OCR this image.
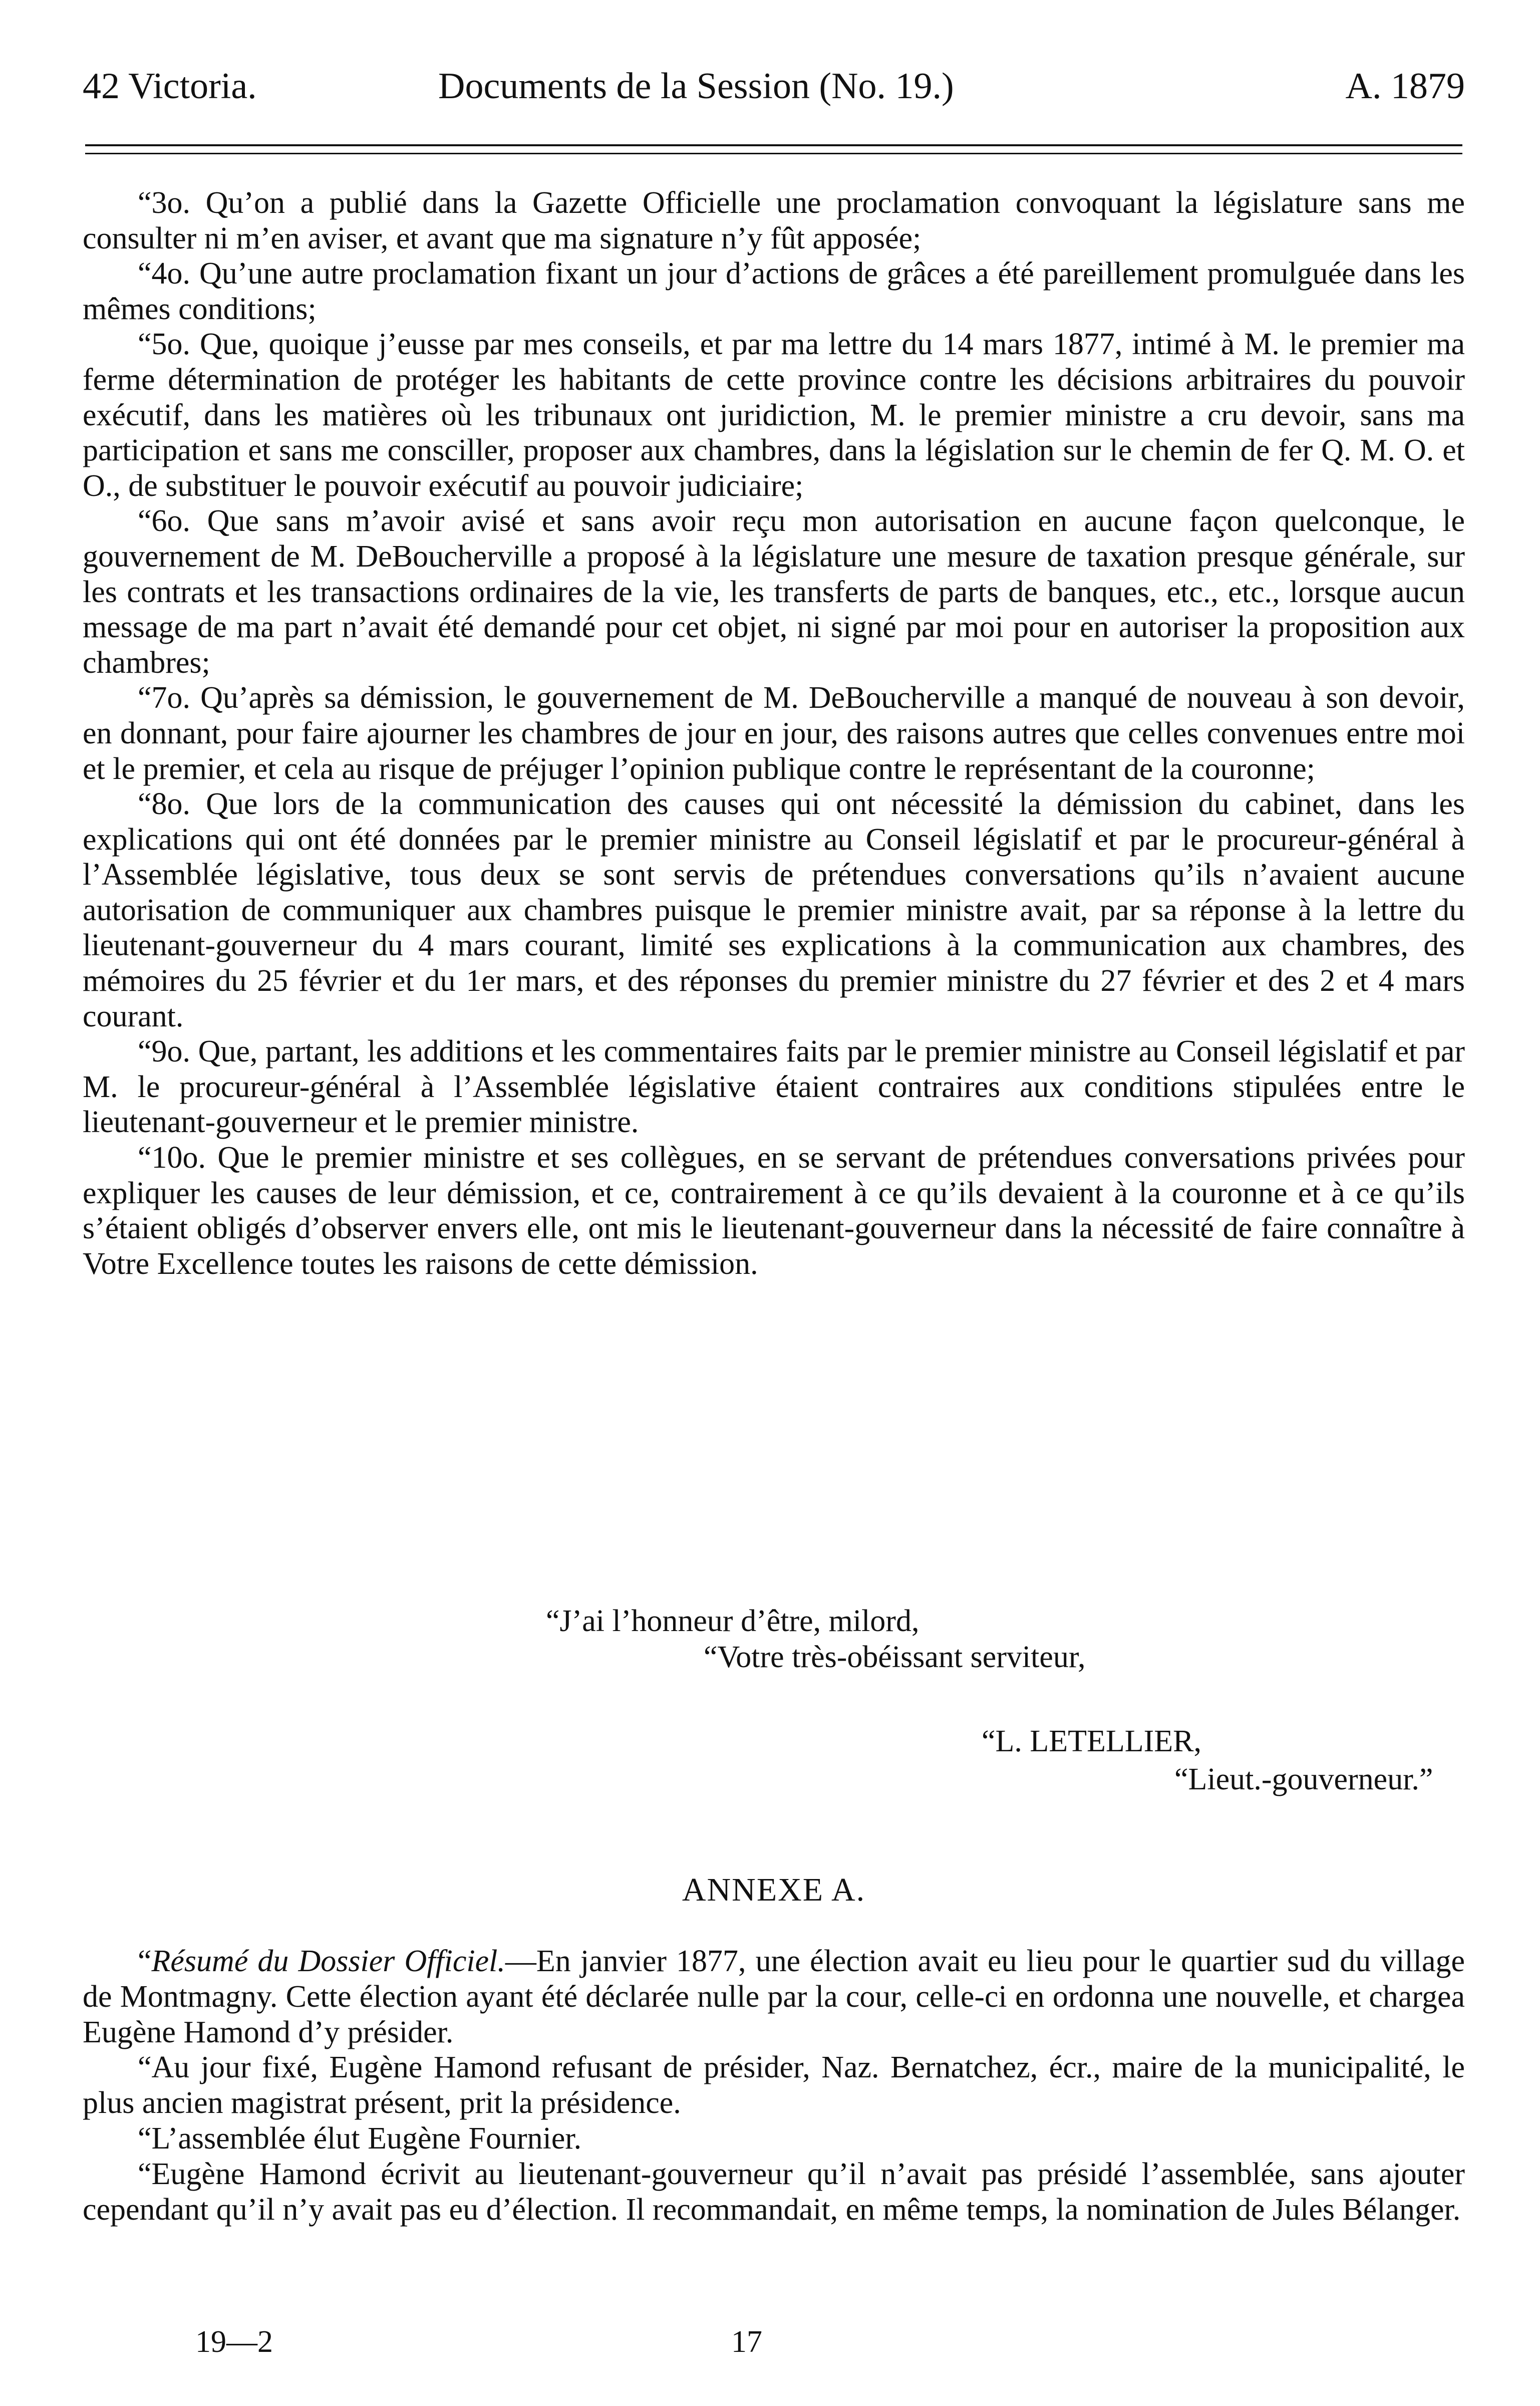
42 Victoria.	Documents de la Session (No. 19.)	A. 1879

“3o. Qu’on a publié dans la Gazette Officielle une proclamation convoquant la législature sans me consulter ni m’en aviser, et avant que ma signature n’y fût apposée;

“4o. Qu’une autre proclamation fixant un jour d’actions de grâces a été pareillement promulguée dans les mêmes conditions;

“5o. Que, quoique j’eusse par mes conseils, et par ma lettre du 14 mars 1877, intimé à M. le premier ma ferme détermination de protéger les habitants de cette province contre les décisions arbitraires du pouvoir exécutif, dans les matières où les tribunaux ont juridiction, M. le premier ministre a cru devoir, sans ma participation et sans me consciller, proposer aux chambres, dans la législation sur le chemin de fer Q. M. O. et O., de substituer le pouvoir exécutif au pouvoir judiciaire;

“6o. Que sans m’avoir avisé et sans avoir reçu mon autorisation en aucune façon quelconque, le gouvernement de M. DeBoucherville a proposé à la législature une mesure de taxation presque générale, sur les contrats et les transactions ordinaires de la vie, les transferts de parts de banques, etc., etc., lorsque aucun message de ma part n’avait été demandé pour cet objet, ni signé par moi pour en autoriser la proposition aux chambres;

“7o. Qu’après sa démission, le gouvernement de M. DeBoucherville a manqué de nouveau à son devoir, en donnant, pour faire ajourner les chambres de jour en jour, des raisons autres que celles convenues entre moi et le premier, et cela au risque de préjuger l’opinion publique contre le représentant de la couronne;

“8o. Que lors de la communication des causes qui ont nécessité la démission du cabinet, dans les explications qui ont été données par le premier ministre au Conseil législatif et par le procureur-général à l’Assemblée législative, tous deux se sont servis de prétendues conversations qu’ils n’avaient aucune autorisation de communiquer aux chambres puisque le premier ministre avait, par sa réponse à la lettre du lieutenant-gouverneur du 4 mars courant, limité ses explications à la communication aux chambres, des mémoires du 25 février et du 1er mars, et des réponses du premier ministre du 27 février et des 2 et 4 mars courant.

“9o. Que, partant, les additions et les commentaires faits par le premier ministre au Conseil législatif et par M. le procureur-général à l’Assemblée législative étaient contraires aux conditions stipulées entre le lieutenant-gouverneur et le premier ministre.

“10o. Que le premier ministre et ses collègues, en se servant de prétendues conversations privées pour expliquer les causes de leur démission, et ce, contrairement à ce qu’ils devaient à la couronne et à ce qu’ils s’étaient obligés d’observer envers elle, ont mis le lieutenant-gouverneur dans la nécessité de faire connaître à Votre Excellence toutes les raisons de cette démission.

“J’ai l’honneur d’être, milord,
“Votre très-obéissant serviteur,
“L. LETELLIER,
“Lieut.-gouverneur.”
ANNEXE A.

“Résumé du Dossier Officiel.—En janvier 1877, une élection avait eu lieu pour le quartier sud du village de Montmagny. Cette élection ayant été déclarée nulle par la cour, celle-ci en ordonna une nouvelle, et chargea Eugène Hamond d’y présider.

“Au jour fixé, Eugène Hamond refusant de présider, Naz. Bernatchez, écr., maire de la municipalité, le plus ancien magistrat présent, prit la présidence.

“L’assemblée élut Eugène Fournier.

“Eugène Hamond écrivit au lieutenant-gouverneur qu’il n’avait pas présidé l’assemblée, sans ajouter cependant qu’il n’y avait pas eu d’élection. Il recommandait, en même temps, la nomination de Jules Bélanger.

19—2	17
